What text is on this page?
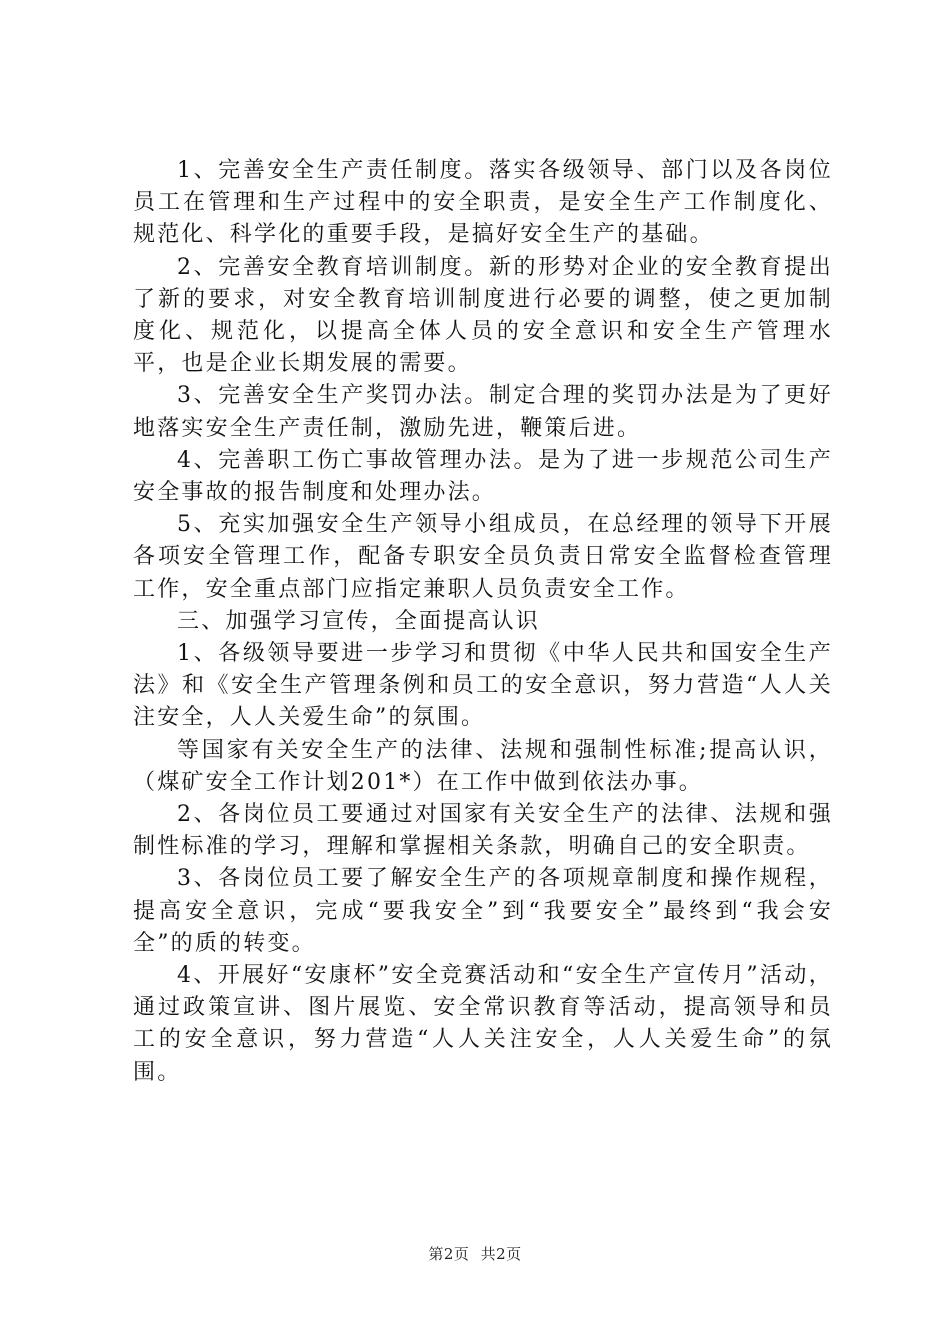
1、完善安全生产责任制度。落实各级领导、部门以及各岗位员工在管理和生产过程中的安全职责，是安全生产工作制度化、规范化、科学化的重要手段，是搞好安全生产的基础。

2、完善安全教育培训制度。新的形势对企业的安全教育提出了新的要求，对安全教育培训制度进行必要的调整，使之更加制度化、规范化，以提高全体人员的安全意识和安全生产管理水平，也是企业长期发展的需要。

3、完善安全生产奖罚办法。制定合理的奖罚办法是为了更好地落实安全生产责任制，激励先进，鞭策后进。

4、完善职工伤亡事故管理办法。是为了进一步规范公司生产安全事故的报告制度和处理办法。

5、充实加强安全生产领导小组成员，在总经理的领导下开展各项安全管理工作，配备专职安全员负责日常安全监督检查管理工作，安全重点部门应指定兼职人员负责安全工作。

三、加强学习宣传，全面提高认识

1、各级领导要进一步学习和贯彻《中华人民共和国安全生产法》和《安全生产管理条例和员工的安全意识，努力营造“人人关注安全，人人关爱生命”的氛围。

等国家有关安全生产的法律、法规和强制性标准;提高认识，（煤矿安全工作计划201*）在工作中做到依法办事。

2、各岗位员工要通过对国家有关安全生产的法律、法规和强制性标准的学习，理解和掌握相关条款，明确自己的安全职责。

3、各岗位员工要了解安全生产的各项规章制度和操作规程，提高安全意识，完成“要我安全”到“我要安全”最终到“我会安全”的质的转变。

4、开展好“安康杯”安全竞赛活动和“安全生产宣传月”活动，通过政策宣讲、图片展览、安全常识教育等活动，提高领导和员工的安全意识，努力营造“人人关注安全，人人关爱生命”的氛围。

第2页 共2页
